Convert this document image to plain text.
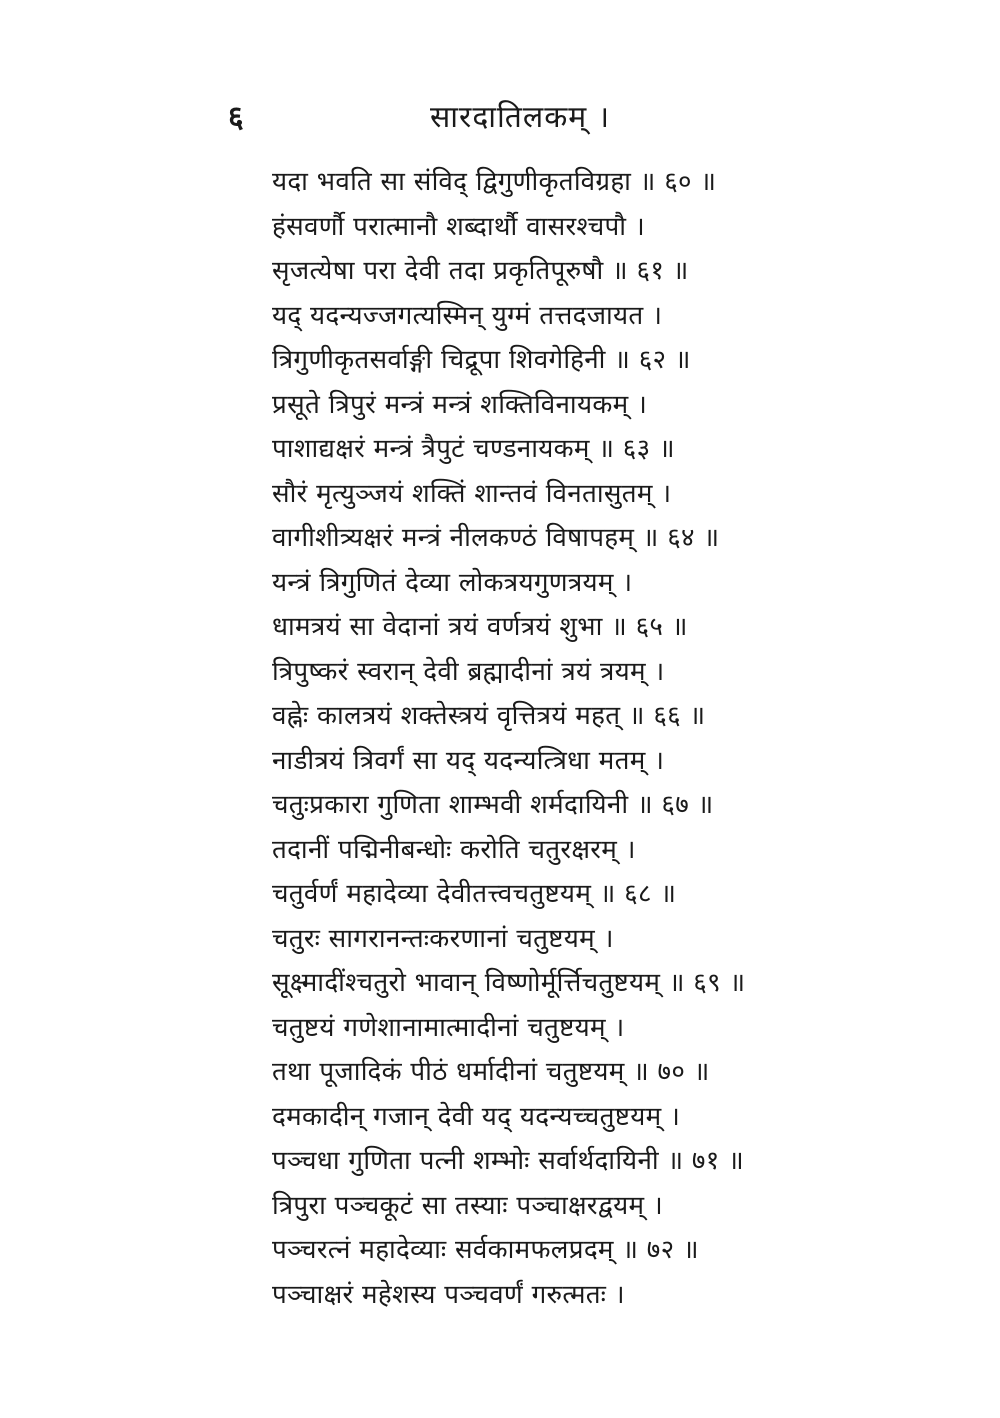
६	सारदातिलकम् ।
यदा भवति सा संविद् द्विगुणीकृतविग्रहा ॥ ६० ॥
हंसवर्णौ परात्मानौ शब्दार्थौ वासरश्चपौ ।
सृजत्येषा परा देवी तदा प्रकृतिपूरुषौ ॥ ६१ ॥
यद् यदन्यज्जगत्यस्मिन् युग्मं तत्तदजायत ।
त्रिगुणीकृतसर्वाङ्गी चिद्रूपा शिवगेहिनी ॥ ६२ ॥
प्रसूते त्रिपुरं मन्त्रं मन्त्रं शक्तिविनायकम् ।
पाशाद्यक्षरं मन्त्रं त्रैपुटं चण्डनायकम् ॥ ६३ ॥
सौरं मृत्युञ्जयं शक्तिं शान्तवं विनतासुतम् ।
वागीशीत्र्यक्षरं मन्त्रं नीलकण्ठं विषापहम् ॥ ६४ ॥
यन्त्रं त्रिगुणितं देव्या लोकत्रयगुणत्रयम् ।
धामत्रयं सा वेदानां त्रयं वर्णत्रयं शुभा ॥ ६५ ॥
त्रिपुष्करं स्वरान् देवी ब्रह्मादीनां त्रयं त्रयम् ।
वह्नेः कालत्रयं शक्तेस्त्रयं वृत्तित्रयं महत् ॥ ६६ ॥
नाडीत्रयं त्रिवर्गं सा यद् यदन्यत्त्रिधा मतम् ।
चतुःप्रकारा गुणिता शाम्भवी शर्मदायिनी ॥ ६७ ॥
तदानीं पद्मिनीबन्धोः करोति चतुरक्षरम् ।
चतुर्वर्णं महादेव्या देवीतत्त्वचतुष्टयम् ॥ ६८ ॥
चतुरः सागरानन्तःकरणानां चतुष्टयम् ।
सूक्ष्मादींश्चतुरो भावान् विष्णोर्मूर्त्तिचतुष्टयम् ॥ ६९ ॥
चतुष्टयं गणेशानामात्मादीनां चतुष्टयम् ।
तथा पूजादिकं पीठं धर्मादीनां चतुष्टयम् ॥ ७० ॥
दमकादीन् गजान् देवी यद् यदन्यच्चतुष्टयम् ।
पञ्चधा गुणिता पत्नी शम्भोः सर्वार्थदायिनी ॥ ७१ ॥
त्रिपुरा पञ्चकूटं सा तस्याः पञ्चाक्षरद्वयम् ।
पञ्चरत्नं महादेव्याः सर्वकामफलप्रदम् ॥ ७२ ॥
पञ्चाक्षरं महेशस्य पञ्चवर्णं गरुत्मतः ।
